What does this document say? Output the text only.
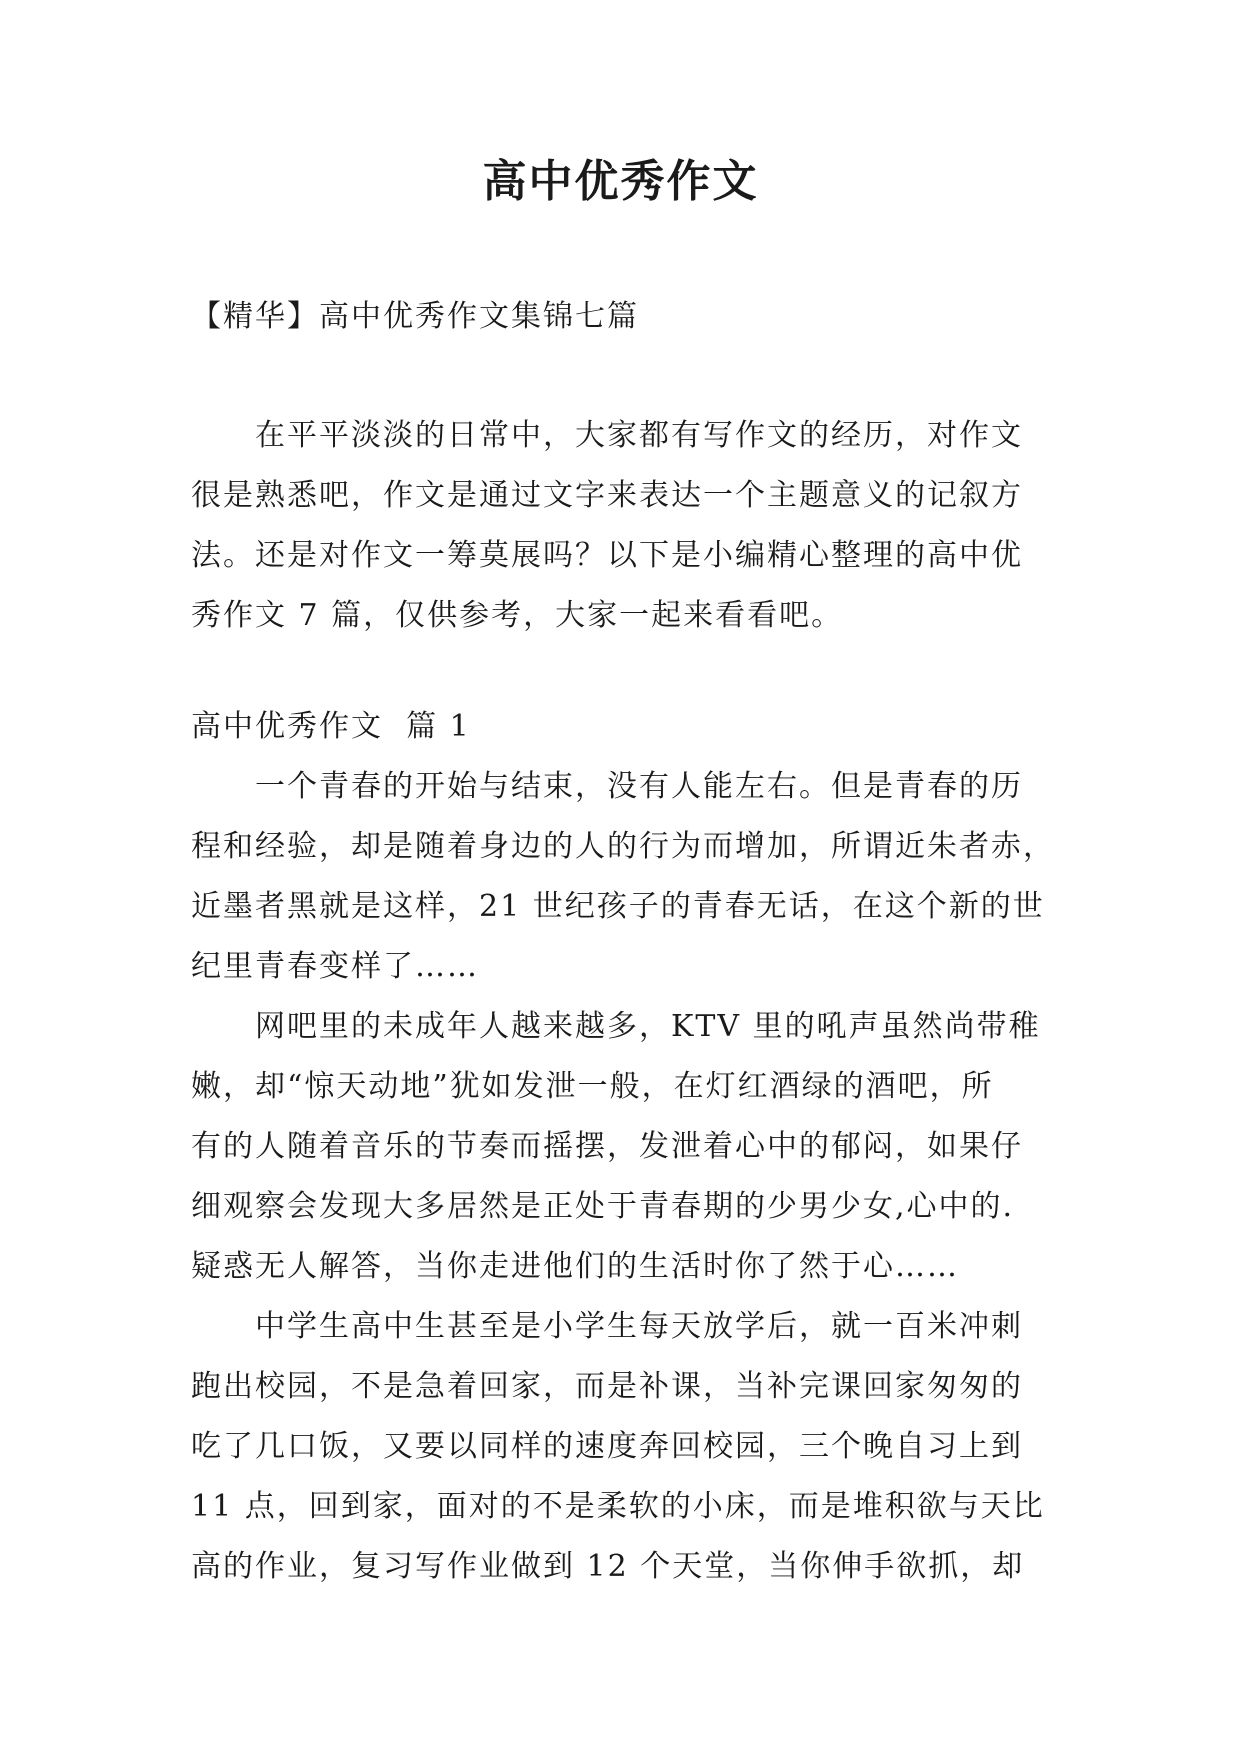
高中优秀作文
【精华】高中优秀作文集锦七篇
在平平淡淡的日常中，大家都有写作文的经历，对作文
很是熟悉吧，作文是通过文字来表达一个主题意义的记叙方
法。还是对作文一筹莫展吗？以下是小编精心整理的高中优
秀作文 7 篇，仅供参考，大家一起来看看吧。
高中优秀作文  篇 1
一个青春的开始与结束，没有人能左右。但是青春的历
程和经验，却是随着身边的人的行为而增加，所谓近朱者赤，
近墨者黑就是这样，21 世纪孩子的青春无话，在这个新的世
纪里青春变样了……
网吧里的未成年人越来越多，KTV 里的吼声虽然尚带稚
嫩，却“惊天动地”犹如发泄一般，在灯红酒绿的酒吧，所
有的人随着音乐的节奏而摇摆，发泄着心中的郁闷，如果仔
细观察会发现大多居然是正处于青春期的少男少女,心中的.
疑惑无人解答，当你走进他们的生活时你了然于心……
中学生高中生甚至是小学生每天放学后，就一百米冲刺
跑出校园，不是急着回家，而是补课，当补完课回家匆匆的
吃了几口饭，又要以同样的速度奔回校园，三个晚自习上到
11 点，回到家，面对的不是柔软的小床，而是堆积欲与天比
高的作业，复习写作业做到 12 个天堂，当你伸手欲抓，却
